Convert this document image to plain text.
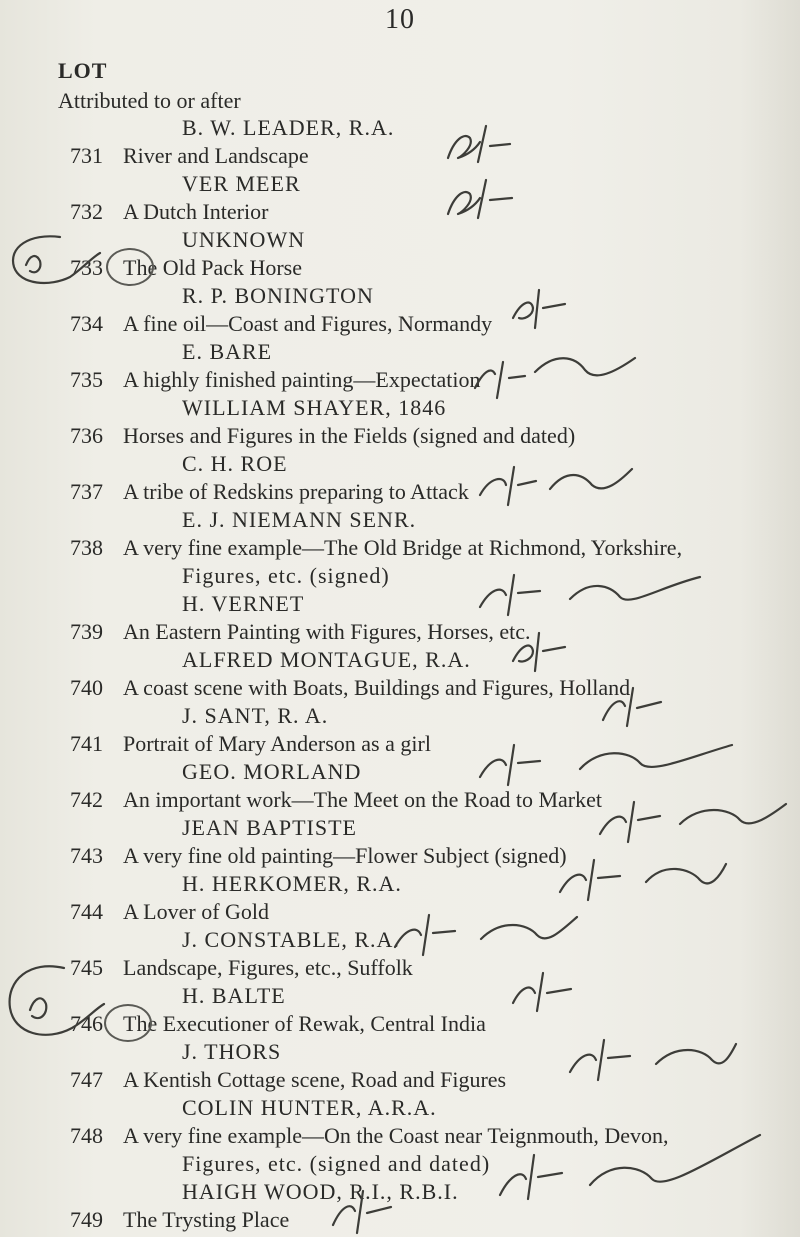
10
LOT
Attributed to or after
B. W. LEADER, R.A.
731 River and Landscape
VER MEER
732 A Dutch Interior
UNKNOWN
733 The Old Pack Horse
R. P. BONINGTON
734 A fine oil—Coast and Figures, Normandy
E. BARE
735 A highly finished painting—Expectation
WILLIAM SHAYER, 1846
736 Horses and Figures in the Fields (signed and dated)
C. H. ROE
737 A tribe of Redskins preparing to Attack
E. J. NIEMANN SENR.
738 A very fine example—The Old Bridge at Richmond, Yorkshire,
Figures, etc. (signed)
H. VERNET
739 An Eastern Painting with Figures, Horses, etc.
ALFRED MONTAGUE, R.A.
740 A coast scene with Boats, Buildings and Figures, Holland
J. SANT, R. A.
741 Portrait of Mary Anderson as a girl
GEO. MORLAND
742 An important work—The Meet on the Road to Market
JEAN BAPTISTE
743 A very fine old painting—Flower Subject (signed)
H. HERKOMER, R.A.
744 A Lover of Gold
J. CONSTABLE, R.A.
745 Landscape, Figures, etc., Suffolk
H. BALTE
746 The Executioner of Rewak, Central India
J. THORS
747 A Kentish Cottage scene, Road and Figures
COLIN HUNTER, A.R.A.
748 A very fine example—On the Coast near Teignmouth, Devon,
Figures, etc. (signed and dated)
HAIGH WOOD, R.I., R.B.I.
749 The Trysting Place
